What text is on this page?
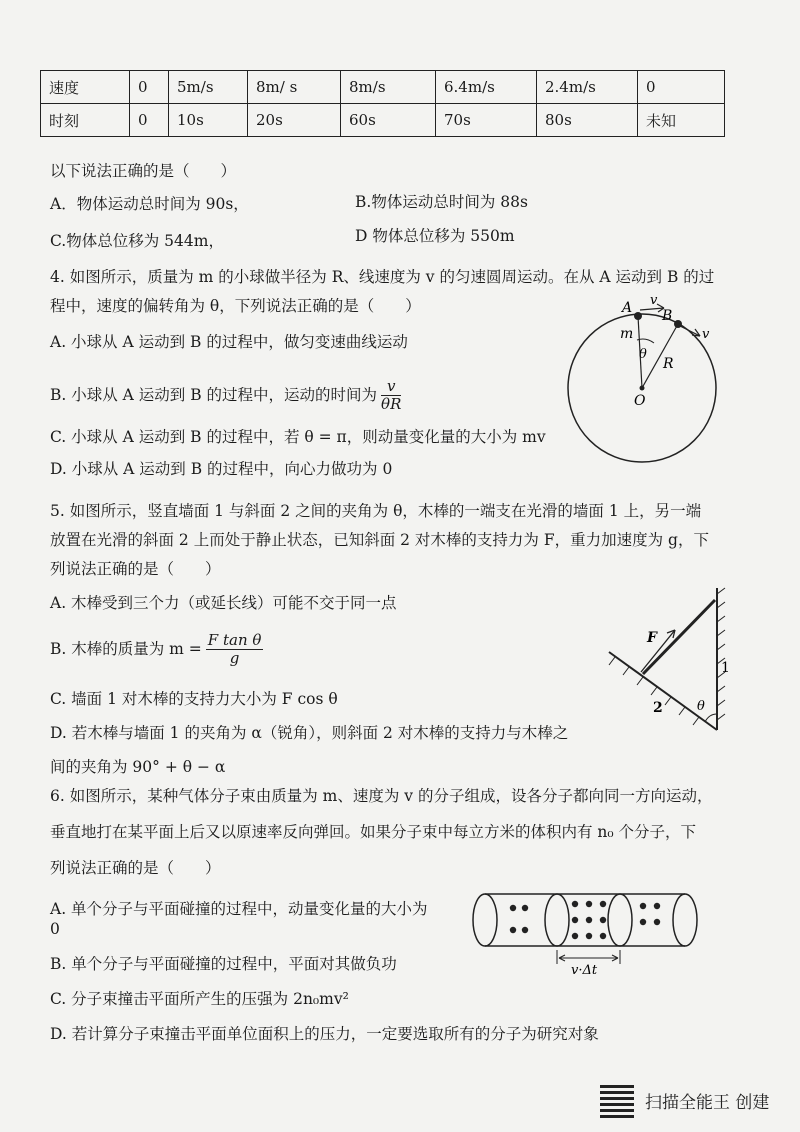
速度	0	5m/s	8m/ s	8m/s	6.4m/s	2.4m/s	0
时刻	0	10s	20s	60s	70s	80s	未知
以下说法正确的是（　　）
A．物体运动总时间为 90s，	B.物体运动总时间为 88s
C.物体总位移为 544m，	D 物体总位移为 550m
4. 如图所示，质量为 m 的小球做半径为 R、线速度为 v 的匀速圆周运动。在从 A 运动到 B 的过
程中，速度的偏转角为 θ，下列说法正确的是（　　）
A. 小球从 A 运动到 B 的过程中，做匀变速曲线运动
B. 小球从 A 运动到 B 的过程中，运动的时间为 $\frac{v}{\theta R}$
C. 小球从 A 运动到 B 的过程中，若 θ = π，则动量变化量的大小为 mv
D. 小球从 A 运动到 B 的过程中，向心力做功为 0
A B
m
v
v
θ
R
O
5. 如图所示，竖直墙面 1 与斜面 2 之间的夹角为 θ，木棒的一端支在光滑的墙面 1 上，另一端
放置在光滑的斜面 2 上而处于静止状态，已知斜面 2 对木棒的支持力为 F，重力加速度为 g，下
列说法正确的是（　　）
A. 木棒受到三个力（或延长线）可能不交于同一点
B. 木棒的质量为 $m = \frac{\text{F tan θ}}{g}$
C. 墙面 1 对木棒的支持力大小为 F cos θ
D. 若木棒与墙面 1 的夹角为 α（锐角），则斜面 2 对木棒的支持力与木棒之
间的夹角为 90° + θ − α
F
1
2	θ
6. 如图所示，某种气体分子束由质量为 m、速度为 v 的分子组成，设各分子都向同一方向运动，
垂直地打在某平面上后又以原速率反向弹回。如果分子束中每立方米的体积内有 n₀ 个分子，下
列说法正确的是（　　）
A. 单个分子与平面碰撞的过程中，动量变化量的大小为
0
B. 单个分子与平面碰撞的过程中，平面对其做负功
C. 分子束撞击平面所产生的压强为 2n₀mv²
D. 若计算分子束撞击平面单位面积上的压力，一定要选取所有的分子为研究对象
v·Δt
扫描全能王 创建
